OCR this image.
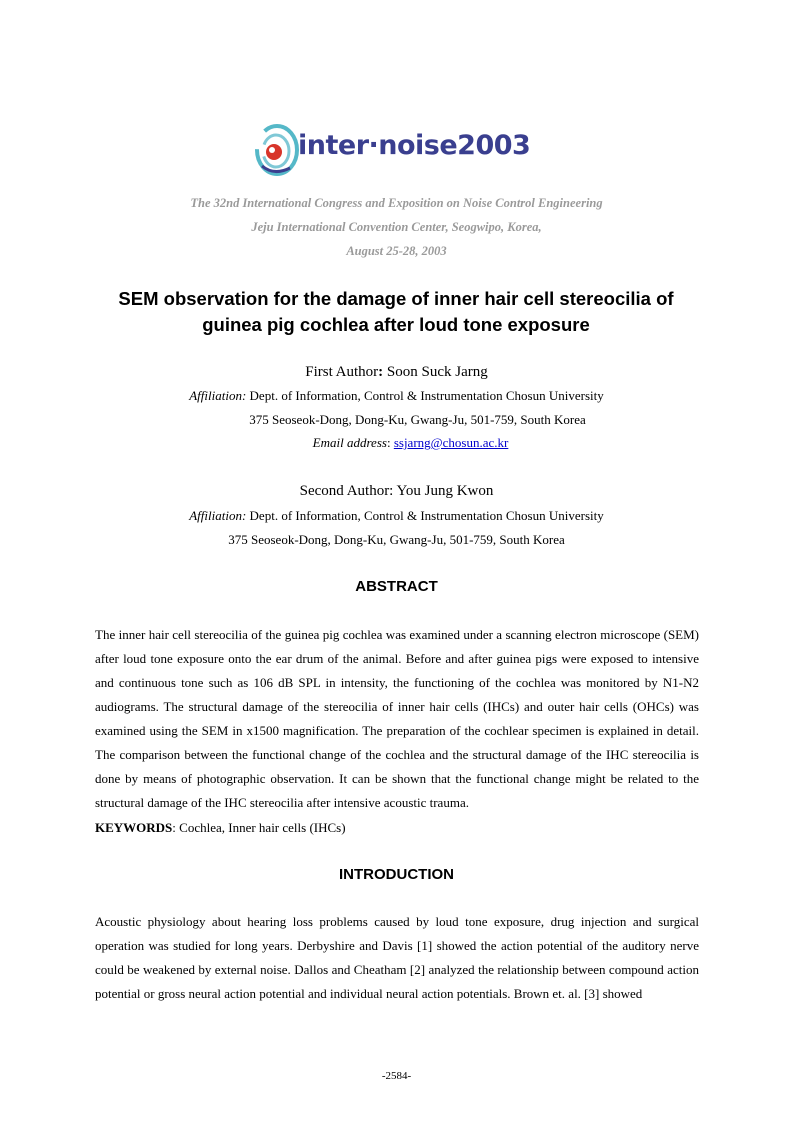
inter·noise2003
The 32nd International Congress and Exposition on Noise Control Engineering
Jeju International Convention Center, Seogwipo, Korea,
August 25-28, 2003
SEM observation for the damage of inner hair cell stereocilia of
guinea pig cochlea after loud tone exposure
First Author: Soon Suck Jarng
Affiliation: Dept. of Information, Control & Instrumentation Chosun University
375 Seoseok-Dong, Dong-Ku, Gwang-Ju, 501-759, South Korea
Email address: ssjarng@chosun.ac.kr
Second Author: You Jung Kwon
Affiliation: Dept. of Information, Control & Instrumentation Chosun University
375 Seoseok-Dong, Dong-Ku, Gwang-Ju, 501-759, South Korea
ABSTRACT
The inner hair cell stereocilia of the guinea pig cochlea was examined under a scanning electron microscope (SEM) after loud tone exposure onto the ear drum of the animal. Before and after guinea pigs were exposed to intensive and continuous tone such as 106 dB SPL in intensity, the functioning of the cochlea was monitored by N1-N2 audiograms. The structural damage of the stereocilia of inner hair cells (IHCs) and outer hair cells (OHCs) was examined using the SEM in x1500 magnification. The preparation of the cochlear specimen is explained in detail. The comparison between the functional change of the cochlea and the structural damage of the IHC stereocilia is done by means of photographic observation. It can be shown that the functional change might be related to the structural damage of the IHC stereocilia after intensive acoustic trauma.
KEYWORDS: Cochlea, Inner hair cells (IHCs)
INTRODUCTION
Acoustic physiology about hearing loss problems caused by loud tone exposure, drug injection and surgical operation was studied for long years. Derbyshire and Davis [1] showed the action potential of the auditory nerve could be weakened by external noise. Dallos and Cheatham [2] analyzed the relationship between compound action potential or gross neural action potential and individual neural action potentials. Brown et. al. [3] showed
-2584-
